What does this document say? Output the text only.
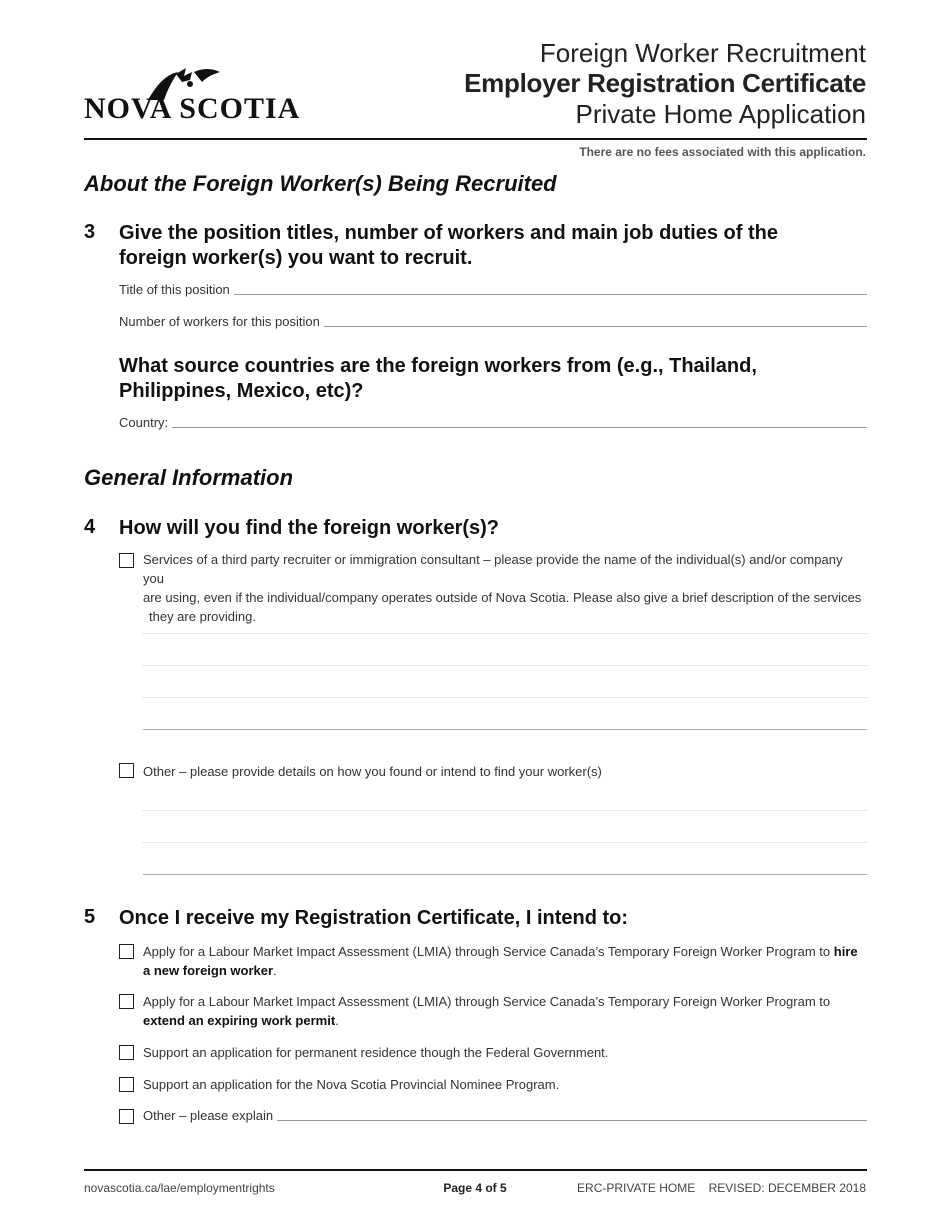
NOVA SCOTIA
Foreign Worker Recruitment
Employer Registration Certificate
Private Home Application
There are no fees associated with this application.
About the Foreign Worker(s) Being Recruited
3 Give the position titles, number of workers and main job duties of the foreign worker(s) you want to recruit.
Title of this position
Number of workers for this position
What source countries are the foreign workers from (e.g., Thailand, Philippines, Mexico, etc)?
Country:
General Information
4 How will you find the foreign worker(s)?
Services of a third party recruiter or immigration consultant – please provide the name of the individual(s) and/or company you
are using, even if the individual/company operates outside of Nova Scotia. Please also give a brief description of the services
they are providing.
Other – please provide details on how you found or intend to find your worker(s)
5 Once I receive my Registration Certificate, I intend to:
Apply for a Labour Market Impact Assessment (LMIA) through Service Canada’s Temporary Foreign Worker Program to hire a new foreign worker.
Apply for a Labour Market Impact Assessment (LMIA) through Service Canada’s Temporary Foreign Worker Program to extend an expiring work permit.
Support an application for permanent residence though the Federal Government.
Support an application for the Nova Scotia Provincial Nominee Program.
Other – please explain
novascotia.ca/lae/employmentrights	Page 4 of 5	ERC-PRIVATE HOME    REVISED: DECEMBER 2018
